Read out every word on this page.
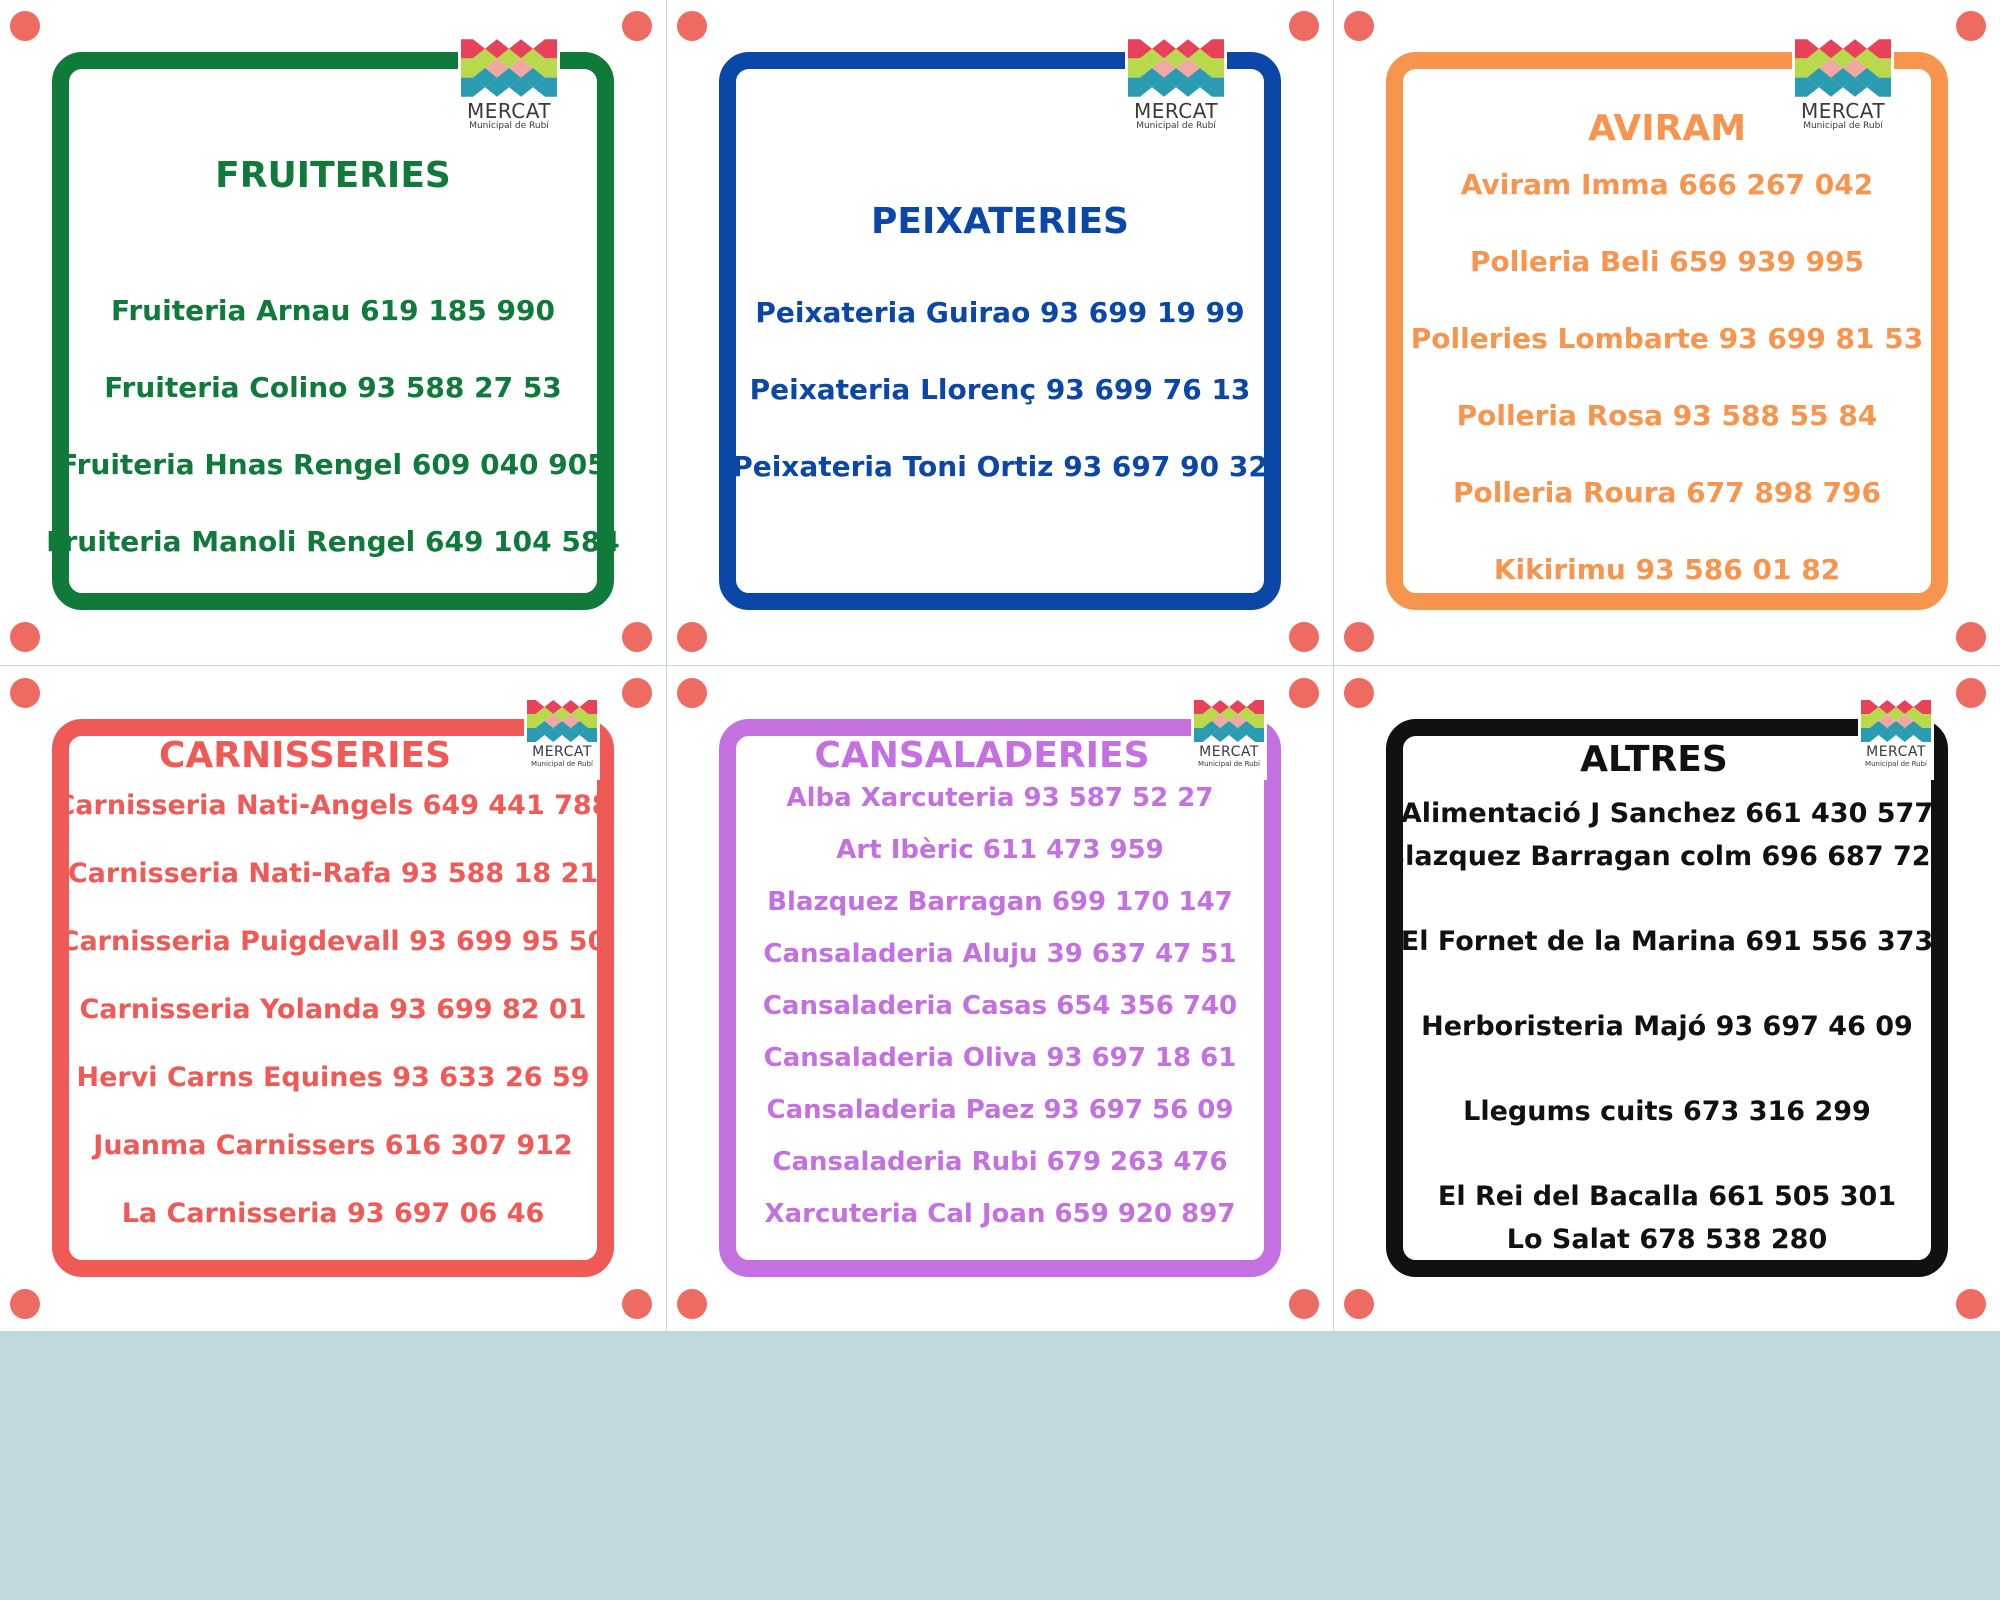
MERCAT
Municipal de Rubí
FRUITERIES
Fruiteria Arnau 619 185 990
Fruiteria Colino 93 588 27 53
Fruiteria Hnas Rengel 609 040 905
Fruiteria Manoli Rengel 649 104 584
MERCAT
Municipal de Rubí
PEIXATERIES
Peixateria Guirao 93 699 19 99
Peixateria Llorenç 93 699 76 13
Peixateria Toni Ortiz 93 697 90 32
MERCAT
Municipal de Rubí
AVIRAM
Aviram Imma 666 267 042
Polleria Beli 659 939 995
Polleries Lombarte 93 699 81 53
Polleria Rosa 93 588 55 84
Polleria Roura 677 898 796
Kikirimu 93 586 01 82
MERCAT
Municipal de Rubí
CARNISSERIES
Carnisseria Nati-Angels 649 441 788
Carnisseria Nati-Rafa 93 588 18 21
Carnisseria Puigdevall 93 699 95 50
Carnisseria Yolanda 93 699 82 01
Hervi Carns Equines 93 633 26 59
Juanma Carnissers 616 307 912
La Carnisseria 93 697 06 46
MERCAT
Municipal de Rubí
CANSALADERIES
Alba Xarcuteria 93 587 52 27
Art Ibèric 611 473 959
Blazquez Barragan 699 170 147
Cansaladeria Aluju 39 637 47 51
Cansaladeria Casas 654 356 740
Cansaladeria Oliva 93 697 18 61
Cansaladeria Paez 93 697 56 09
Cansaladeria Rubi 679 263 476
Xarcuteria Cal Joan 659 920 897
MERCAT
Municipal de Rubí
ALTRES
Alimentació J Sanchez 661 430 577
Blazquez Barragan colm 696 687 723
El Fornet de la Marina 691 556 373
Herboristeria Majó 93 697 46 09
Llegums cuits 673 316 299
El Rei del Bacalla 661 505 301
Lo Salat 678 538 280
